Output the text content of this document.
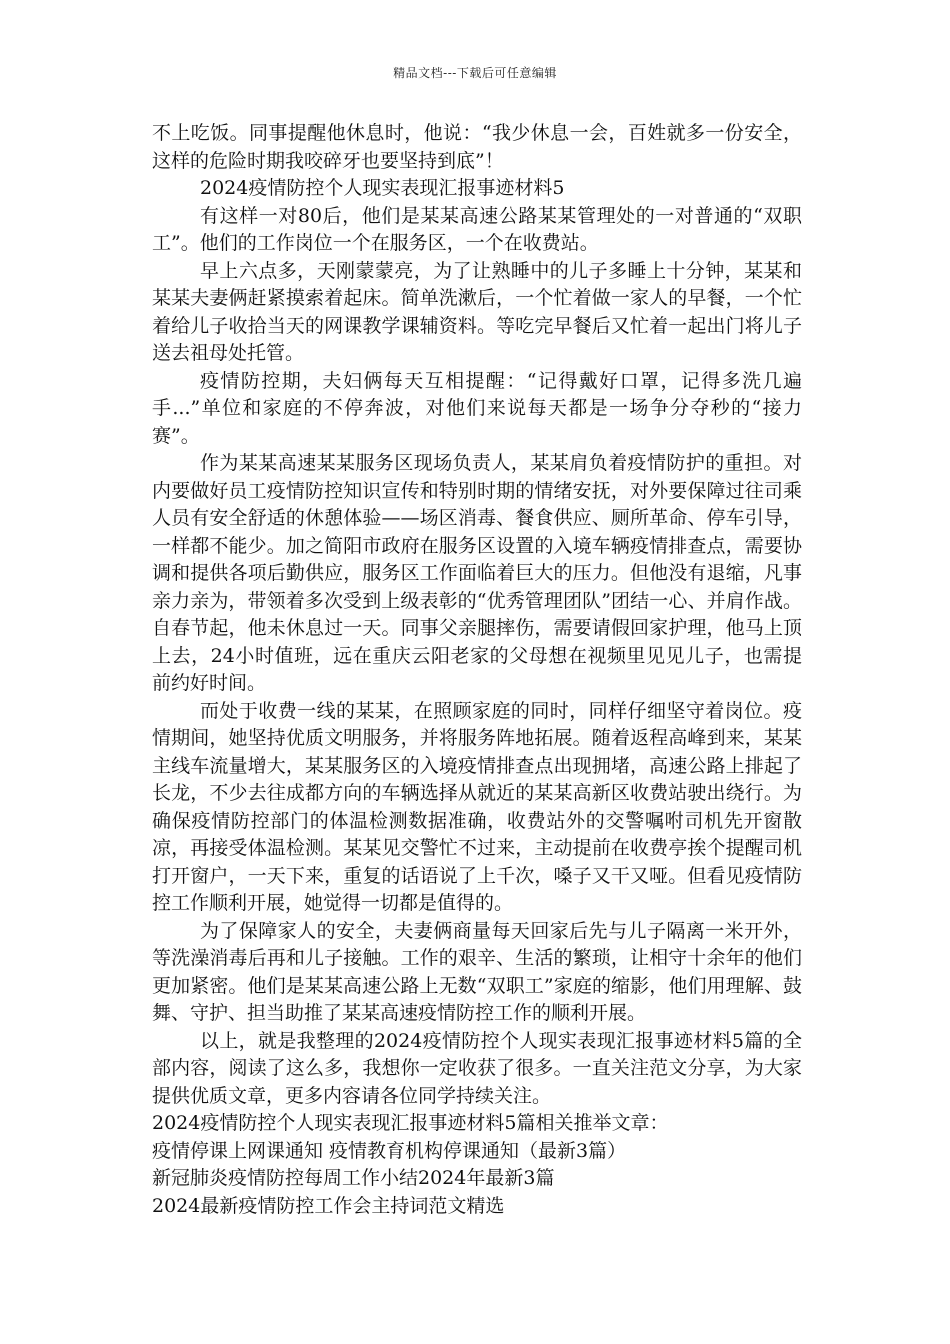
精品文档---下载后可任意编辑

不上吃饭。同事提醒他休息时，他说：“我少休息一会，百姓就多一份安全，这样的危险时期我咬碎牙也要坚持到底”！

2024疫情防控个人现实表现汇报事迹材料5

有这样一对80后，他们是某某高速公路某某管理处的一对普通的“双职工”。他们的工作岗位一个在服务区，一个在收费站。

早上六点多，天刚蒙蒙亮，为了让熟睡中的儿子多睡上十分钟，某某和某某夫妻俩赶紧摸索着起床。简单洗漱后，一个忙着做一家人的早餐，一个忙着给儿子收拾当天的网课教学课辅资料。等吃完早餐后又忙着一起出门将儿子送去祖母处托管。

疫情防控期，夫妇俩每天互相提醒：“记得戴好口罩，记得多洗几遍手...”单位和家庭的不停奔波，对他们来说每天都是一场争分夺秒的“接力赛”。

作为某某高速某某服务区现场负责人，某某肩负着疫情防护的重担。对内要做好员工疫情防控知识宣传和特别时期的情绪安抚，对外要保障过往司乘人员有安全舒适的休憩体验——场区消毒、餐食供应、厕所革命、停车引导，一样都不能少。加之简阳市政府在服务区设置的入境车辆疫情排查点，需要协调和提供各项后勤供应，服务区工作面临着巨大的压力。但他没有退缩，凡事亲力亲为，带领着多次受到上级表彰的“优秀管理团队”团结一心、并肩作战。自春节起，他未休息过一天。同事父亲腿摔伤，需要请假回家护理，他马上顶上去，24小时值班，远在重庆云阳老家的父母想在视频里见见儿子，也需提前约好时间。

而处于收费一线的某某，在照顾家庭的同时，同样仔细坚守着岗位。疫情期间，她坚持优质文明服务，并将服务阵地拓展。随着返程高峰到来，某某主线车流量增大，某某服务区的入境疫情排查点出现拥堵，高速公路上排起了长龙，不少去往成都方向的车辆选择从就近的某某高新区收费站驶出绕行。为确保疫情防控部门的体温检测数据准确，收费站外的交警嘱咐司机先开窗散凉，再接受体温检测。某某见交警忙不过来，主动提前在收费亭挨个提醒司机打开窗户，一天下来，重复的话语说了上千次，嗓子又干又哑。但看见疫情防控工作顺利开展，她觉得一切都是值得的。

为了保障家人的安全，夫妻俩商量每天回家后先与儿子隔离一米开外，等洗澡消毒后再和儿子接触。工作的艰辛、生活的繁琐，让相守十余年的他们更加紧密。他们是某某高速公路上无数“双职工”家庭的缩影，他们用理解、鼓舞、守护、担当助推了某某高速疫情防控工作的顺利开展。

以上，就是我整理的2024疫情防控个人现实表现汇报事迹材料5篇的全部内容，阅读了这么多，我想你一定收获了很多。一直关注范文分享，为大家提供优质文章，更多内容请各位同学持续关注。

2024疫情防控个人现实表现汇报事迹材料5篇相关推举文章：

疫情停课上网课通知 疫情教育机构停课通知（最新3篇）

新冠肺炎疫情防控每周工作小结2024年最新3篇

2024最新疫情防控工作会主持词范文精选
